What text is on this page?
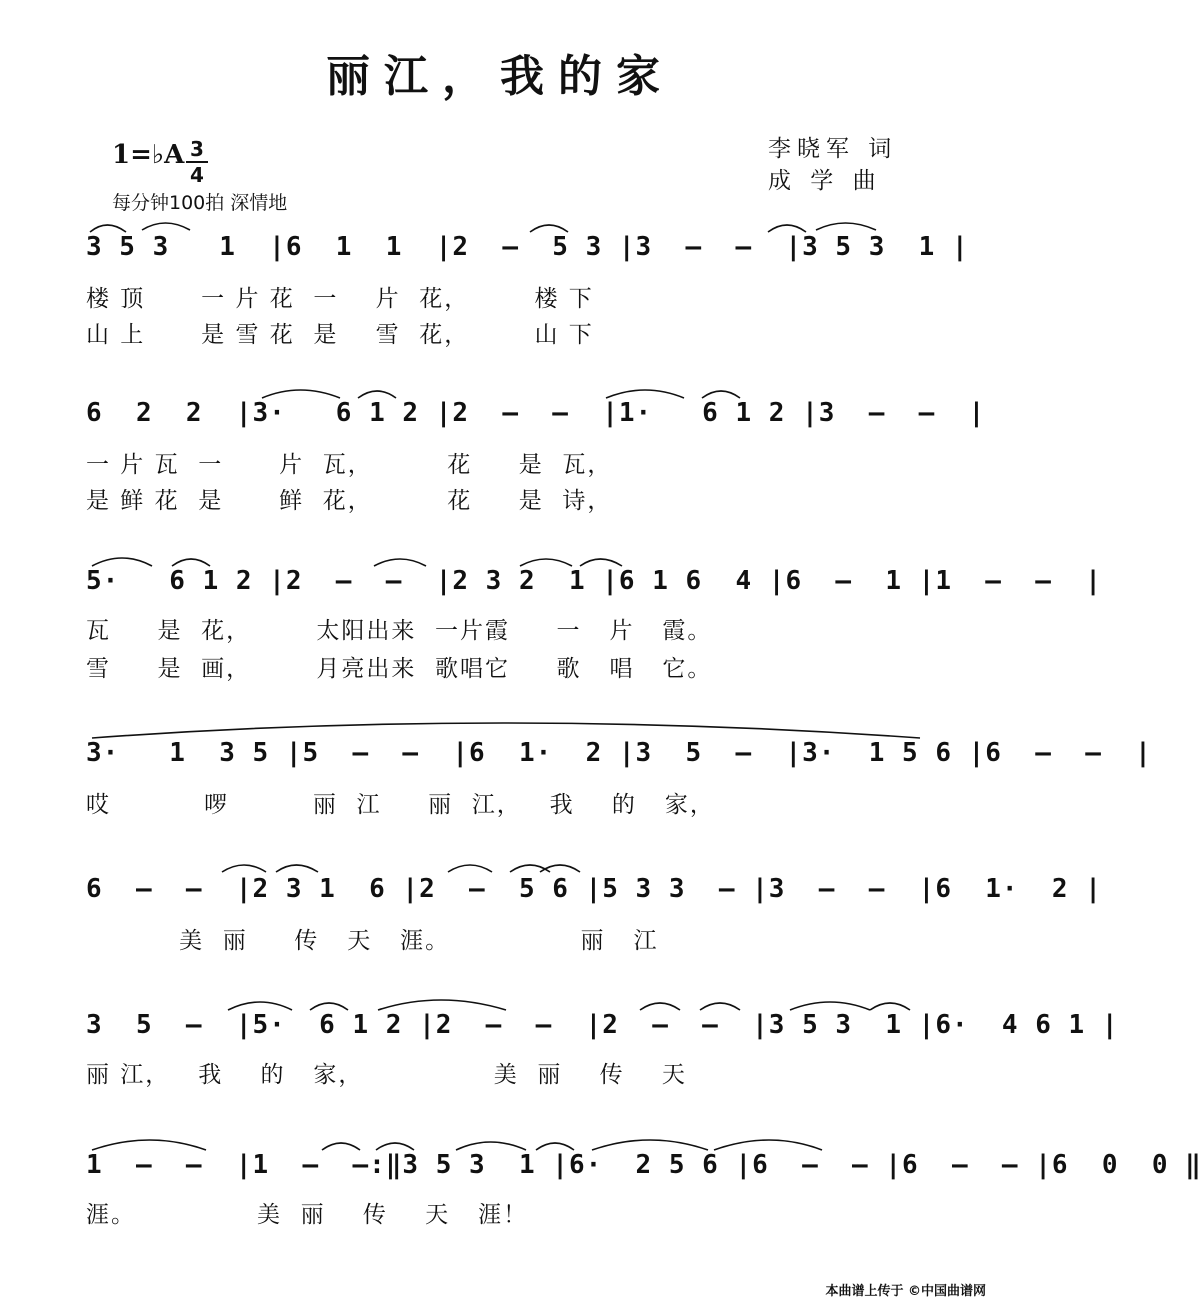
丽江，我的家
1=♭A 3
4
每分钟100拍 深情地
李晓军 词
成 学 曲
3 5 3   1  |6  1  1  |2  –  5 3 |3  –  –  |3 5 3  1 |
楼 顶      一 片 花  一    片  花，       楼 下
山 上      是 雪 花  是    雪  花，       山 下
6  2  2  |3·   6 1 2 |2  –  –  |1·   6 1 2 |3  –  –  |
一 片 瓦  一      片  瓦，        花     是  瓦，
是 鲜 花  是      鲜  花，        花     是  诗，
5·   6 1 2 |2  –  –  |2 3 2  1 |6 1 6  4 |6  –  1 |1  –  –  |
瓦     是  花，       太阳出来  一片霞     一   片   霞。
雪     是  画，       月亮出来  歌唱它     歌   唱   它。
3·   1  3 5 |5  –  –  |6  1·  2 |3  5  –  |3·  1 5 6 |6  –  –  |
哎          啰         丽  江     丽  江，   我    的   家，
6  –  –  |2 3 1  6 |2  –  5 6 |5 3 3  – |3  –  –  |6  1·  2 |
美  丽     传   天   涯。              丽   江
3  5  –  |5·  6 1 2 |2  –  –  |2  –  –  |3 5 3  1 |6·  4 6 1 |
丽 江，   我    的   家，              美  丽    传    天
1  –  –  |1  –  –:‖3 5 3  1 |6·  2 5 6 |6  –  – |6  –  – |6  0  0 ‖
涯。             美  丽    传    天   涯！
本曲谱上传于 ©中国曲谱网
